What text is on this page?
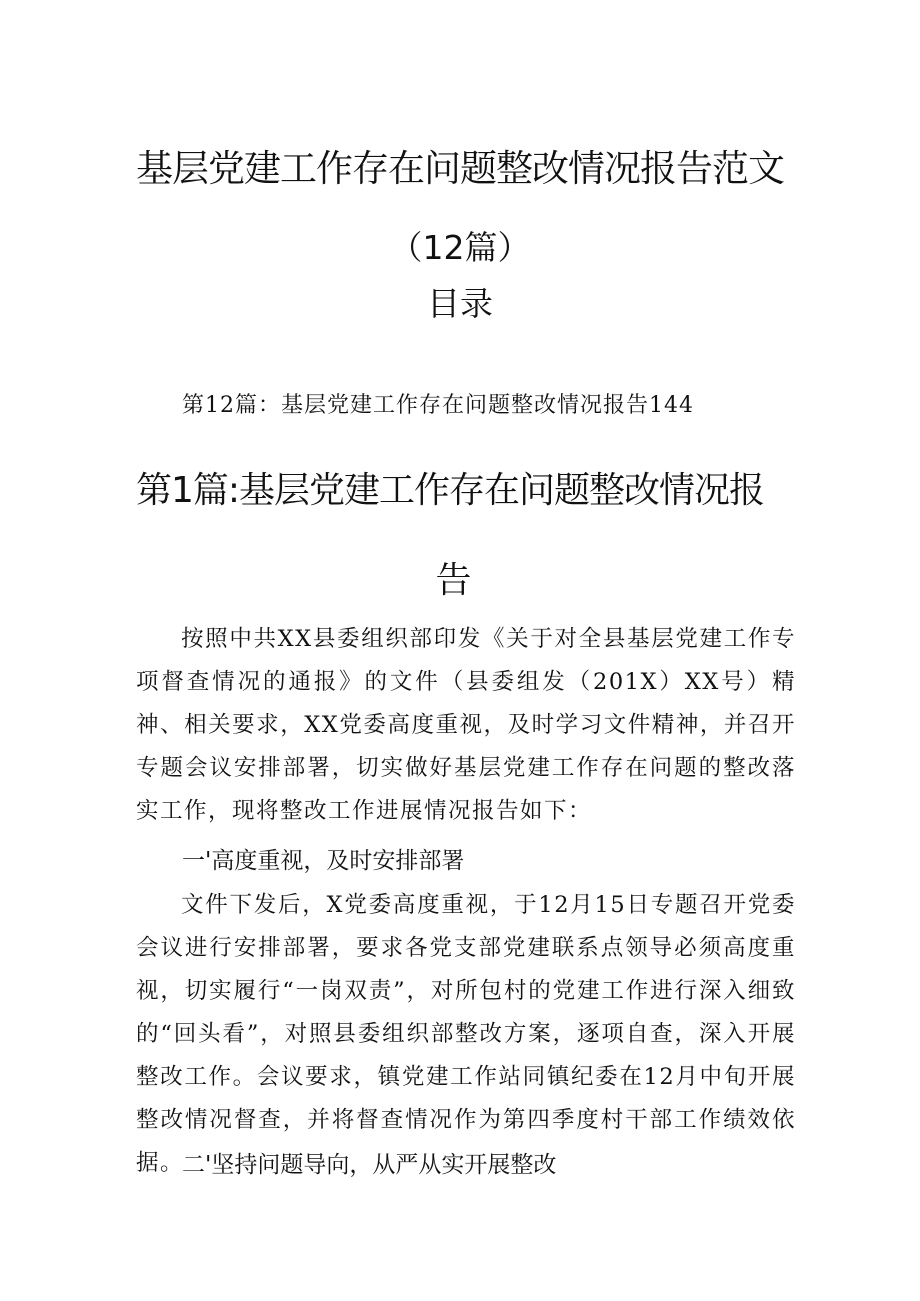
基层党建工作存在问题整改情况报告范文
（12篇）
目录
第12篇：基层党建工作存在问题整改情况报告144
第1篇:基层党建工作存在问题整改情况报
告

按照中共XX县委组织部印发《关于对全县基层党建工作专项督查情况的通报》的文件（县委组发（201X）XX号）精神、相关要求，XX党委高度重视，及时学习文件精神，并召开专题会议安排部署，切实做好基层党建工作存在问题的整改落实工作，现将整改工作进展情况报告如下：

一'高度重视，及时安排部署

文件下发后，X党委高度重视，于12月15日专题召开党委会议进行安排部署，要求各党支部党建联系点领导必须高度重视，切实履行“一岗双责”，对所包村的党建工作进行深入细致的“回头看”，对照县委组织部整改方案，逐项自查，深入开展整改工作。会议要求，镇党建工作站同镇纪委在12月中旬开展整改情况督查，并将督查情况作为第四季度村干部工作绩效依据。

二'坚持问题导向，从严从实开展整改
